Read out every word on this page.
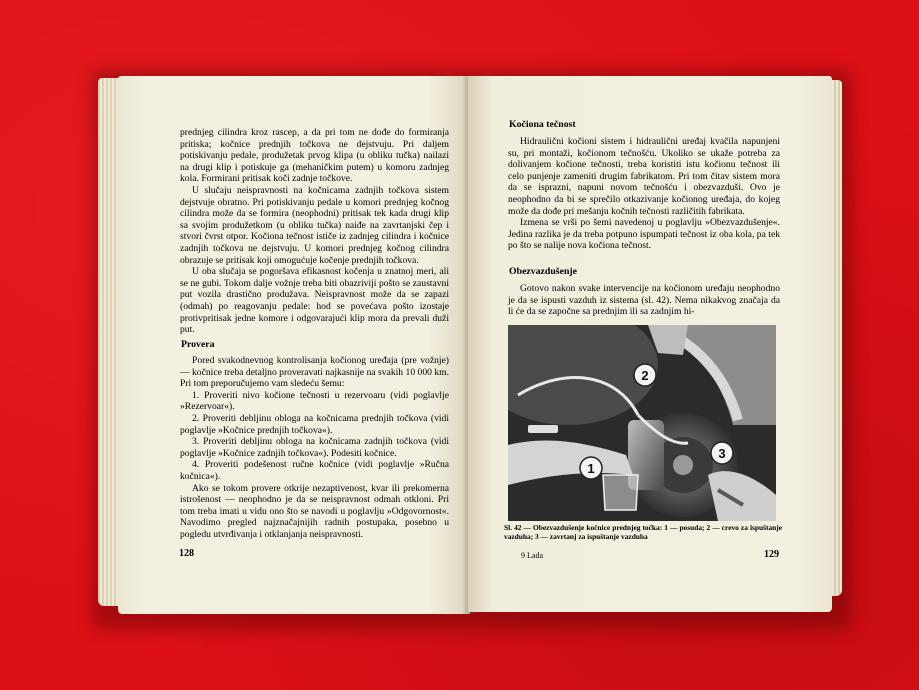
prednjeg cilindra kroz rascep, a da pri tom ne dođe do formiranja pritiska; kočnice prednjih točkova ne dejstvuju. Pri daljem potiskivanju pedale, produžetak prvog klipa (u obliku tučka) nailazi na drugi klip i potiskuje ga (mehaničkim putem) u komoru zadnjeg kola. Formirani pritisak koči zadnje točkove.

U slučaju neispravnosti na kočnicama zadnjih točkova sistem dejstvuje obratno. Pri potiskivanju pedale u komori prednjeg kočnog cilindra može da se formira (neophodni) pritisak tek kada drugi klip sa svojim produžetkom (u obliku tučka) naiđe na zavrtanjski čep i stvori čvrst otpor. Kočiona tečnost ističe iz zadnjeg cilindra i kočnice zadnjih točkova ne dejstvuju. U komori prednjeg kočnog cilindra obrazuje se pritisak koji omogućuje kočenje prednjih točkova.

U oba slučaja se pogoršava efikasnost kočenja u znatnoj meri, ali se ne gubi. Tokom dalje vožnje treba biti obazriviji pošto se zaustavni put vozila drastično produžava. Neispravnost može da se zapazi (odmah) po reagovanju pedale: hod se povećava pošto izostaje protivpritisak jedne komore i odgovarajući klip mora da prevali duži put.

Provera

Pored svakodnevnog kontrolisanja kočionog uređaja (pre vožnje) — kočnice treba detaljno proveravati najkasnije na svakih 10 000 km. Pri tom preporučujemo vam sledeću šemu:

1. Proveriti nivo kočione tečnosti u rezervoaru (vidi poglavlje »Rezervoar«).

2. Proveriti debljinu obloga na kočnicama prednjih točkova (vidi poglavlje »Kočnice prednjih točkova«).

3. Proveriti debljinu obloga na kočnicama zadnjih točkova (vidi poglavlje »Kočnice zadnjih točkova«). Podesiti kočnice.

4. Proveriti podešenost ručne kočnice (vidi poglavlje »Ručna kočnica«).

Ako se tokom provere otkrije nezaptivenost, kvar ili prekomerna istrošenost — neophodno je da se neispravnost odmah otkloni. Pri tom treba imati u vidu ono što se navodi u poglavlju »Odgovornost«. Navodimo pregled najznačajnijih radnih postupaka, posebno u pogledu utvrđivanja i otklanjanja neispravnosti.

128
Kočiona tečnost

Hidraulični kočioni sistem i hidraulični uređaj kvačila napunjeni su, pri montaži, kočionom tečnošću. Ukoliko se ukaže potreba za dolivanjem kočione tečnosti, treba koristiti istu kočionu tečnost ili celo punjenje zameniti drugim fabrikatom. Pri tom čitav sistem mora da se isprazni, napuni novom tečnošću i obezvazduši. Ovo je neophodno da bi se sprečilo otkazivanje kočionog uređaja, do kojeg može da dođe pri mešanju kočnih tečnosti različitih fabrikata.

Izmena se vrši po šemi navedenoj u poglavlju »Obezvazdušenje«. Jedina razlika je da treba potpuno ispumpati tečnost iz oba kola, pa tek po što se nalije nova kočiona tečnost.

Obezvazdušenje

Gotovo nakon svake intervencije na kočionom uređaju neophodno je da se ispusti vazduh iz sistema (sl. 42). Nema nikakvog značaja da li će da se započne sa prednjim ili sa zadnjim hi-

2
1
3

Sl. 42 — Obezvazdušenje kočnice prednjeg točka: 1 — posuda; 2 — crevo za ispuštanje vazduha; 3 — zavrtanj za ispuštanje vazduha

9 Lada	129
